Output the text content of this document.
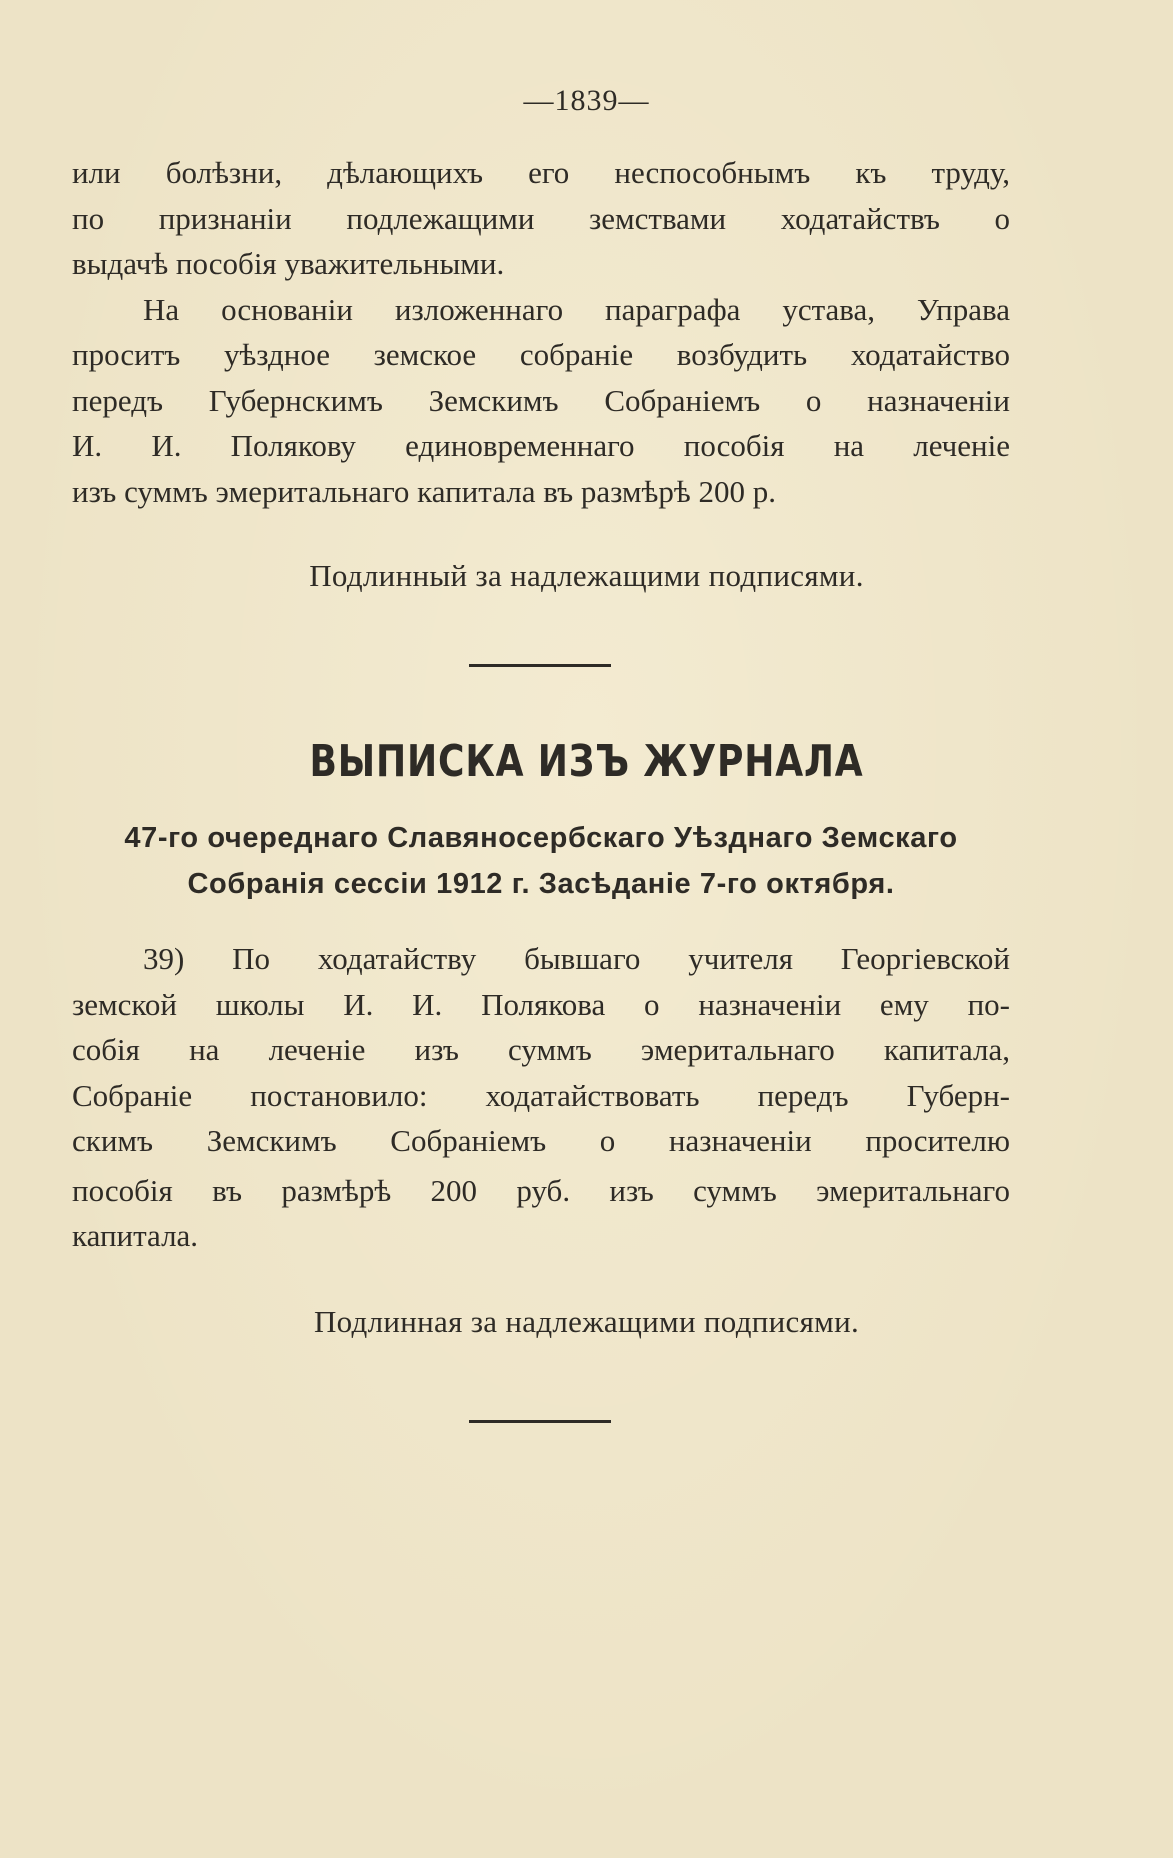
—1839—
или болѣзни, дѣлающихъ его неспособнымъ къ труду,
по признаніи подлежащими земствами ходатайствъ о
выдачѣ пособія уважительными.
На основаніи изложеннаго параграфа устава, Управа
проситъ уѣздное земское собраніе возбудить ходатайство
передъ Губернскимъ Земскимъ Собраніемъ о назначеніи
И. И. Полякову единовременнаго пособія на леченіе
изъ суммъ эмеритальнаго капитала въ размѣрѣ 200 р.
Подлинный за надлежащими подписями.
ВЫПИСКА ИЗЪ ЖУРНАЛА
47-го очереднаго Славяносербскаго Уѣзднаго Земскаго
Собранія сессіи 1912 г. Засѣданіе 7-го октября.
39) По ходатайству бывшаго учителя Георгіевской
земской школы И. И. Полякова о назначеніи ему по-
собія на леченіе изъ суммъ эмеритальнаго капитала,
Собраніе постановило: ходатайствовать передъ Губерн-
скимъ Земскимъ Собраніемъ о назначеніи просителю
пособія въ размѣрѣ 200 руб. изъ суммъ эмеритальнаго
капитала.
Подлинная за надлежащими подписями.
